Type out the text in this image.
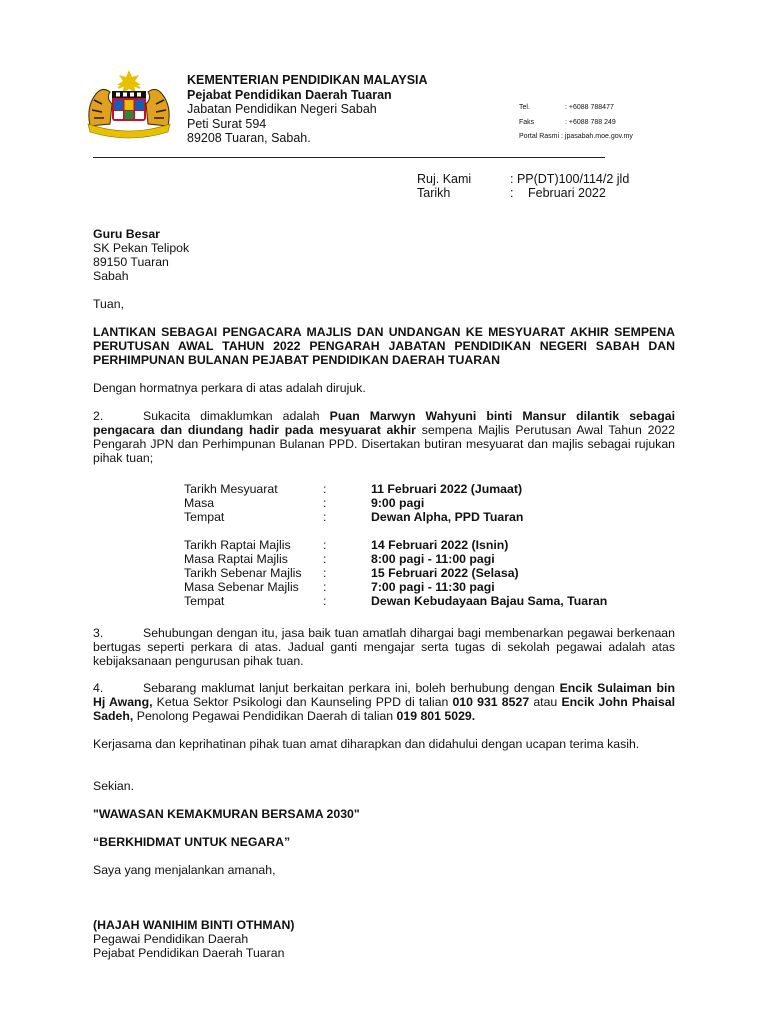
KEMENTERIAN PENDIDIKAN MALAYSIA
Pejabat Pendidikan Daerah Tuaran
Jabatan Pendidikan Negeri Sabah
Peti Surat 594
89208 Tuaran, Sabah.
Tel.	: +6088 788477
Faks	: +6088 788 249
Portal Rasmi : jpasabah.moe.gov.my
Ruj. Kami	: PP(DT)100/114/2 jld
Tarikh	:	Februari 2022
Guru Besar
SK Pekan Telipok
89150 Tuaran
Sabah
Tuan,
LANTIKAN SEBAGAI PENGACARA MAJLIS DAN UNDANGAN KE MESYUARAT AKHIR SEMPENA PERUTUSAN AWAL TAHUN 2022 PENGARAH JABATAN PENDIDIKAN NEGERI SABAH DAN PERHIMPUNAN BULANAN PEJABAT PENDIDIKAN DAERAH TUARAN
Dengan hormatnya perkara di atas adalah dirujuk.
2.	Sukacita dimaklumkan adalah Puan Marwyn Wahyuni binti Mansur dilantik sebagai pengacara dan diundang hadir pada mesyuarat akhir sempena Majlis Perutusan Awal Tahun 2022 Pengarah JPN dan Perhimpunan Bulanan PPD. Disertakan butiran mesyuarat dan majlis sebagai rujukan pihak tuan;
Tarikh Mesyuarat	:	11 Februari 2022 (Jumaat)
Masa	:	9:00 pagi
Tempat	:	Dewan Alpha, PPD Tuaran
Tarikh Raptai Majlis	:	14 Februari 2022 (Isnin)
Masa Raptai Majlis	:	8:00 pagi - 11:00 pagi
Tarikh Sebenar Majlis	:	15 Februari 2022 (Selasa)
Masa Sebenar Majlis	:	7:00 pagi - 11:30 pagi
Tempat	:	Dewan Kebudayaan Bajau Sama, Tuaran
3.	Sehubungan dengan itu, jasa baik tuan amatlah dihargai bagi membenarkan pegawai berkenaan bertugas seperti perkara di atas. Jadual ganti mengajar serta tugas di sekolah pegawai adalah atas kebijaksanaan pengurusan pihak tuan.
4.	Sebarang maklumat lanjut berkaitan perkara ini, boleh berhubung dengan Encik Sulaiman bin Hj Awang, Ketua Sektor Psikologi dan Kaunseling PPD di talian 010 931 8527 atau Encik John Phaisal Sadeh, Penolong Pegawai Pendidikan Daerah di talian 019 801 5029.
Kerjasama dan keprihatinan pihak tuan amat diharapkan dan didahului dengan ucapan terima kasih.
Sekian.
"WAWASAN KEMAKMURAN BERSAMA 2030"
“BERKHIDMAT UNTUK NEGARA”
Saya yang menjalankan amanah,
(HAJAH WANIHIM BINTI OTHMAN)
Pegawai Pendidikan Daerah
Pejabat Pendidikan Daerah Tuaran
